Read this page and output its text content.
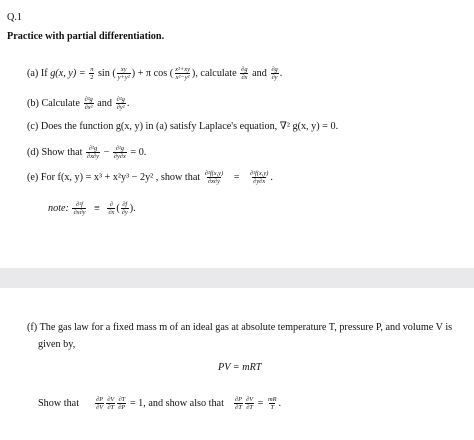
Q.1
Practice with partial differentiation.
(a) If g(x, $y) = \frac{\pi}{2}$ sin ( $\frac{xy}{\text{y+y²}}$ ) + π cos ( $\frac{\text{x²+xy}}{\text{x²−y²}}$ ), calculate $\frac{\partial g}{\partial x}$ and $\frac{\partial g}{\partial y}$ .
(b) Calculate $\frac{\text{∂²g}}{\text{∂x²}}$ and $\frac{\text{∂²g}}{\text{∂y²}}$ .
(c) Does the function g(x, y) in (a) satisfy Laplace's equation, ∇² g(x, y) = 0.
(d) Show that $\frac{\text{∂²g}}{\partial x\partial y} - \frac{\text{∂²g}}{\partial y\partial x} = 0$.
(e) For f(x, y) = x³ + x²y³ − 2y² , show that $\frac{\text{∂²f(x,y)}}{\partial x\partial y} = \frac{\text{∂²f(x,y)}}{\partial y\partial x}$ .
note: $\frac{\text{∂²f}}{\partial x\partial y} \equiv \frac{\partial}{\partial x}$ ( $\frac{\partial f}{\partial y}$ ).
(f) The gas law for a fixed mass m of an ideal gas at absolute temperature T, pressure P, and volume V is
given by,
PV = mRT
Show that	$\frac{\partial P}{\partial V} \frac{\partial V}{\partial T} \frac{\partial T}{\partial P} = 1$, and show also that $\frac{\partial P}{\partial T} \frac{\partial V}{\partial T} = \frac{mR}{T}$ .
